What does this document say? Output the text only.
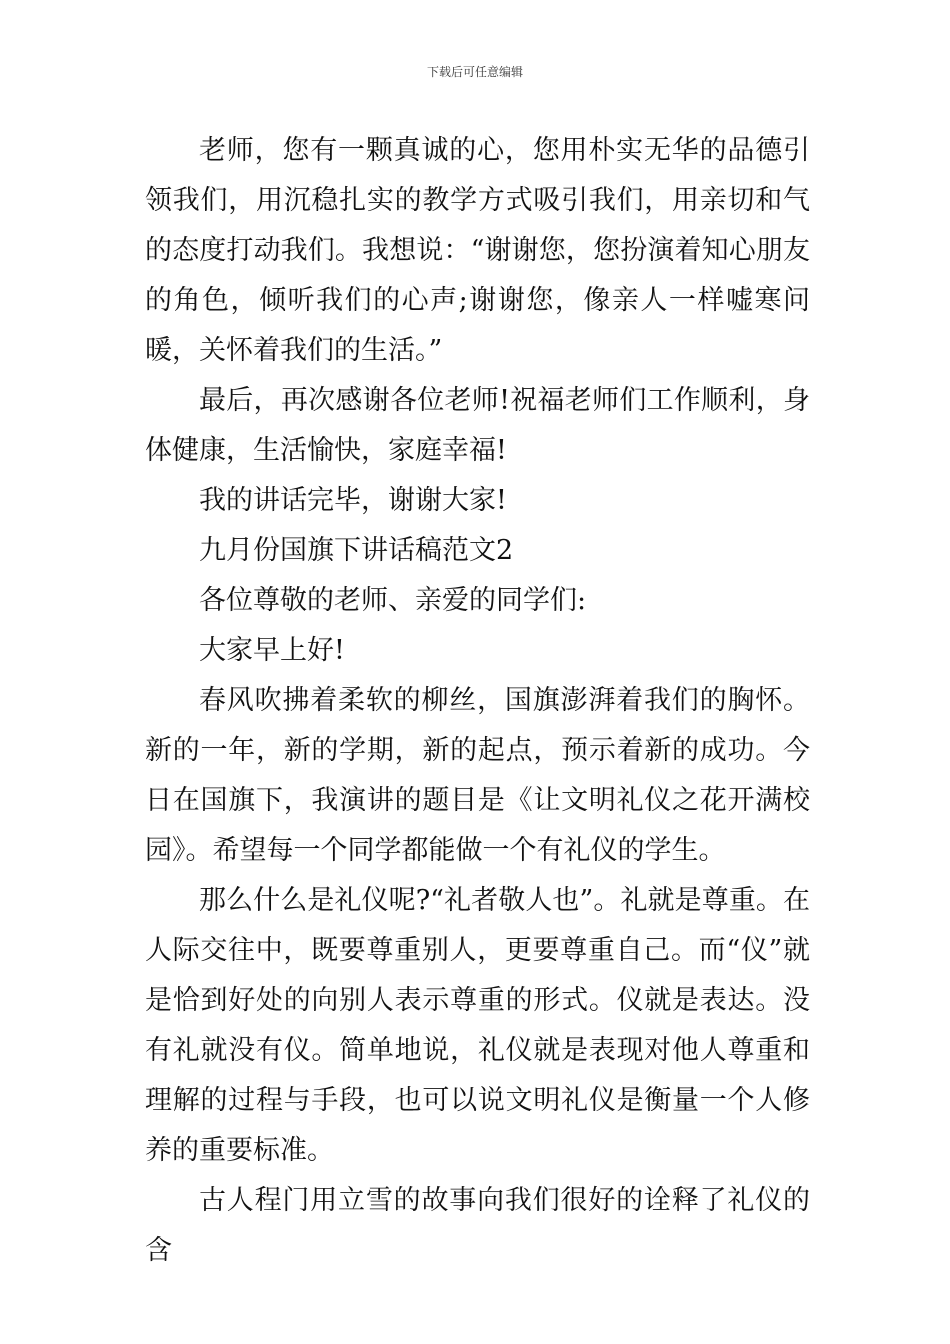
下载后可任意编辑

老师，您有一颗真诚的心，您用朴实无华的品德引领我们，用沉稳扎实的教学方式吸引我们，用亲切和气的态度打动我们。我想说：“谢谢您，您扮演着知心朋友的角色，倾听我们的心声;谢谢您，像亲人一样嘘寒问暖，关怀着我们的生活。”

最后，再次感谢各位老师!祝福老师们工作顺利，身体健康，生活愉快，家庭幸福!

我的讲话完毕，谢谢大家!

九月份国旗下讲话稿范文2

各位尊敬的老师、亲爱的同学们:

大家早上好!

春风吹拂着柔软的柳丝，国旗澎湃着我们的胸怀。新的一年，新的学期，新的起点，预示着新的成功。今日在国旗下，我演讲的题目是《让文明礼仪之花开满校园》。希望每一个同学都能做一个有礼仪的学生。

那么什么是礼仪呢?“礼者敬人也”。礼就是尊重。在人际交往中，既要尊重别人，更要尊重自己。而“仪”就是恰到好处的向别人表示尊重的形式。仪就是表达。没有礼就没有仪。简单地说，礼仪就是表现对他人尊重和理解的过程与手段，也可以说文明礼仪是衡量一个人修养的重要标准。

古人程门用立雪的故事向我们很好的诠释了礼仪的含
